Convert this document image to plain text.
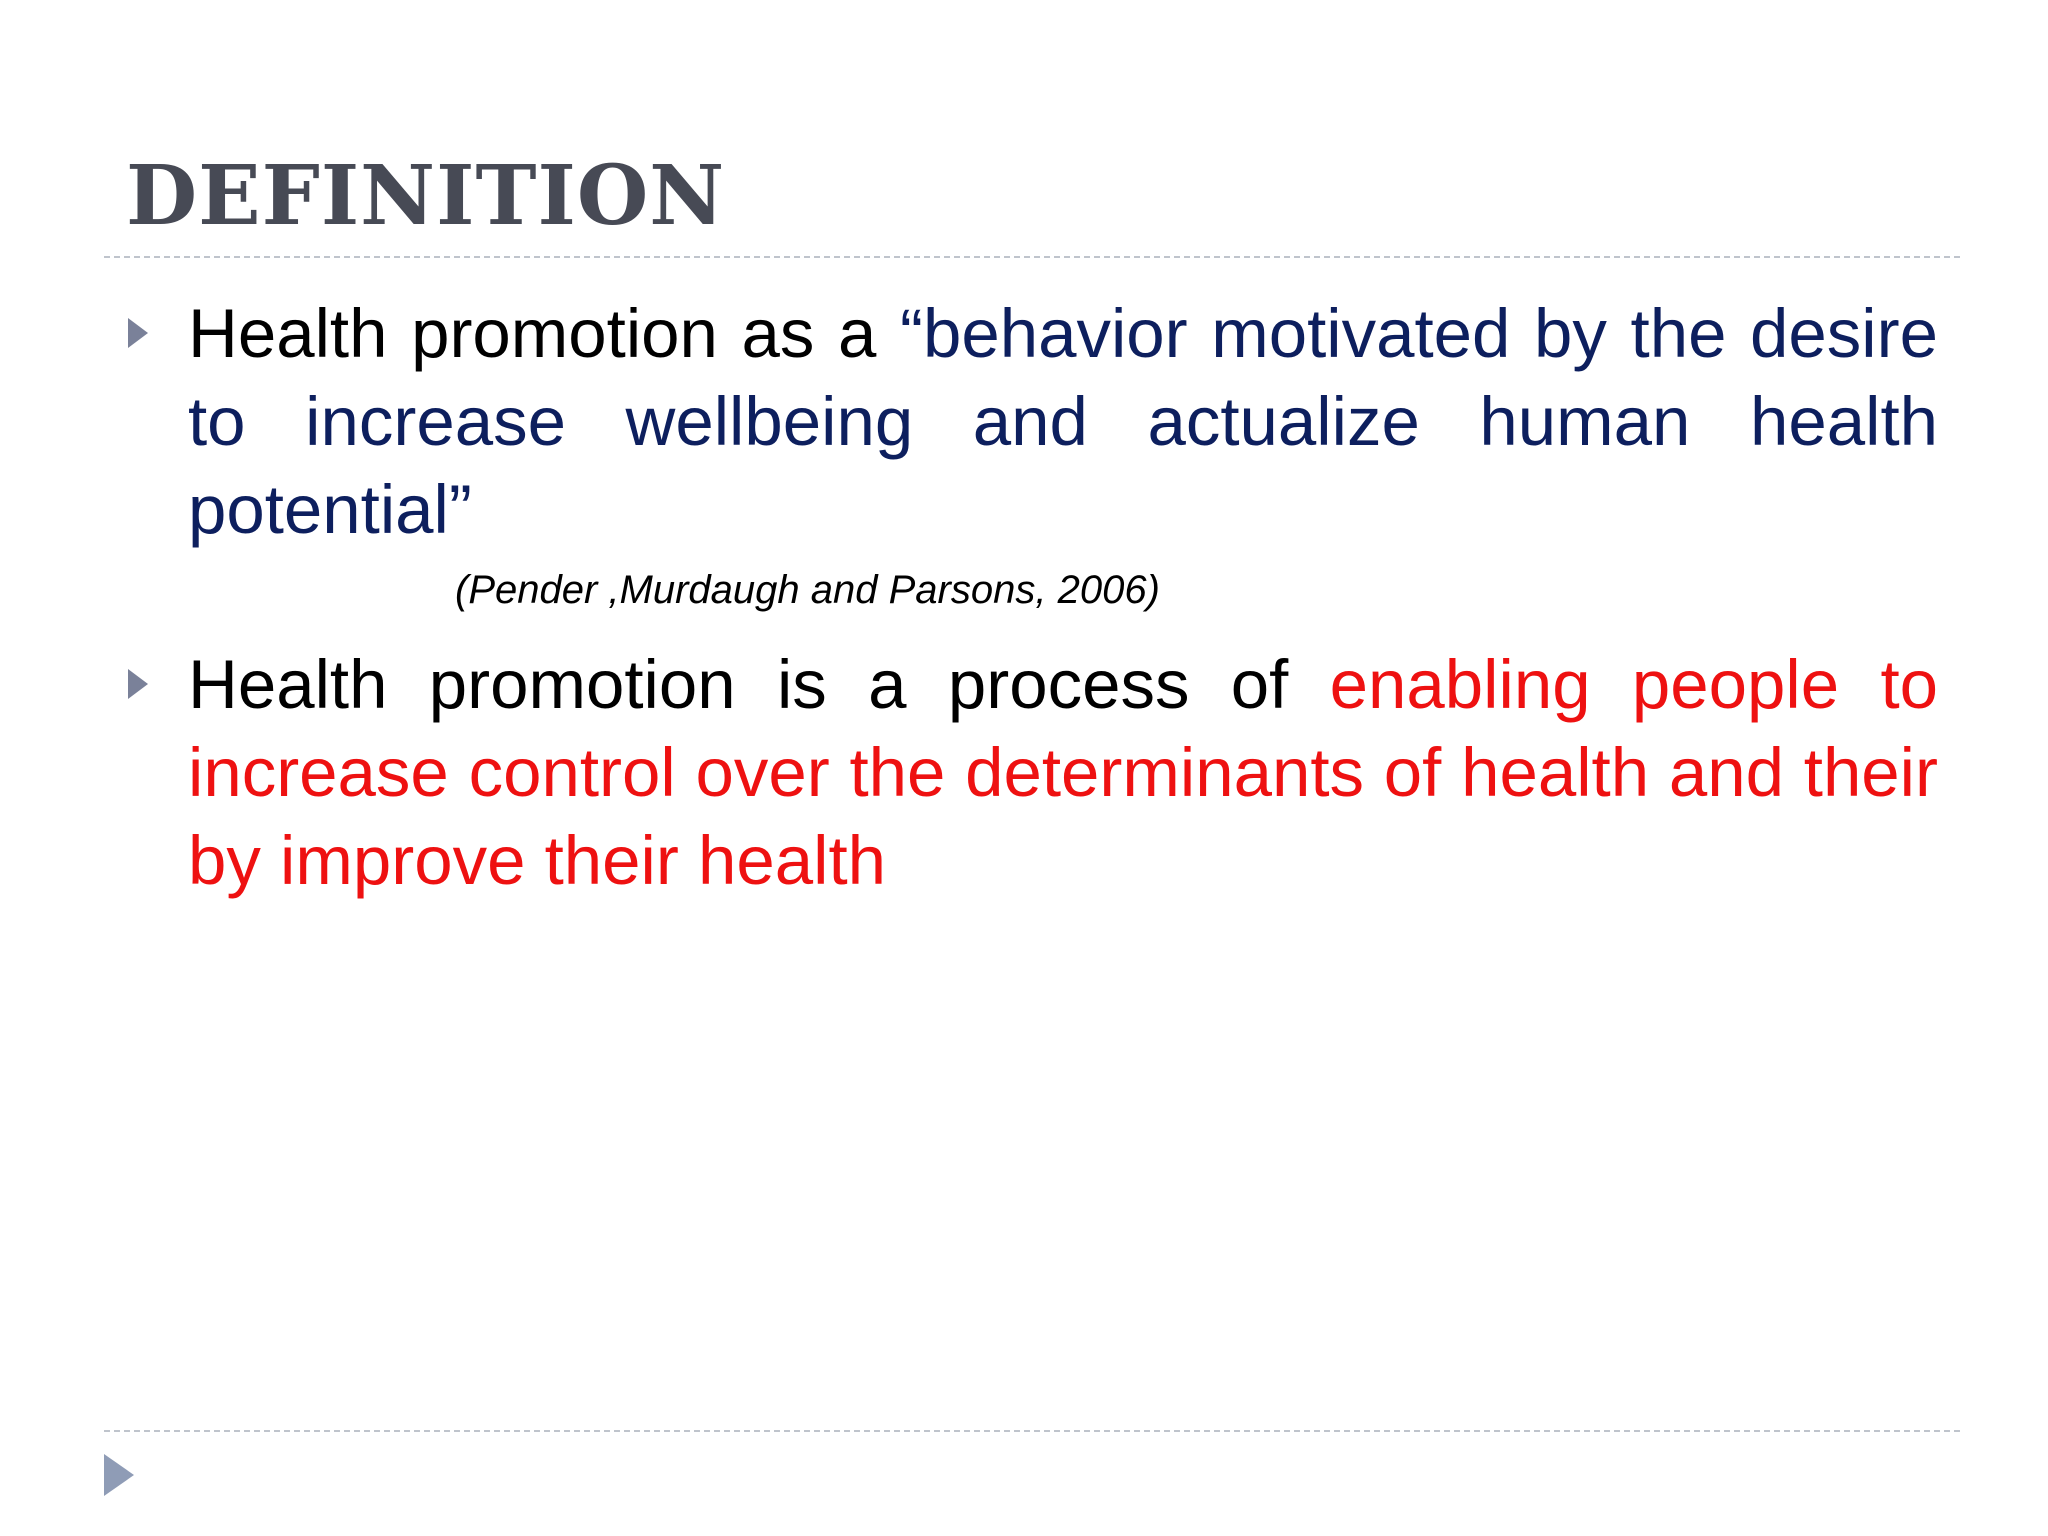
DEFINITION

Health promotion as a “behavior motivated by the desire to increase wellbeing and actualize human health potential”

(Pender ,Murdaugh and Parsons, 2006)

Health promotion is a process of enabling people to increase control over the determinants of health and their by improve their health
